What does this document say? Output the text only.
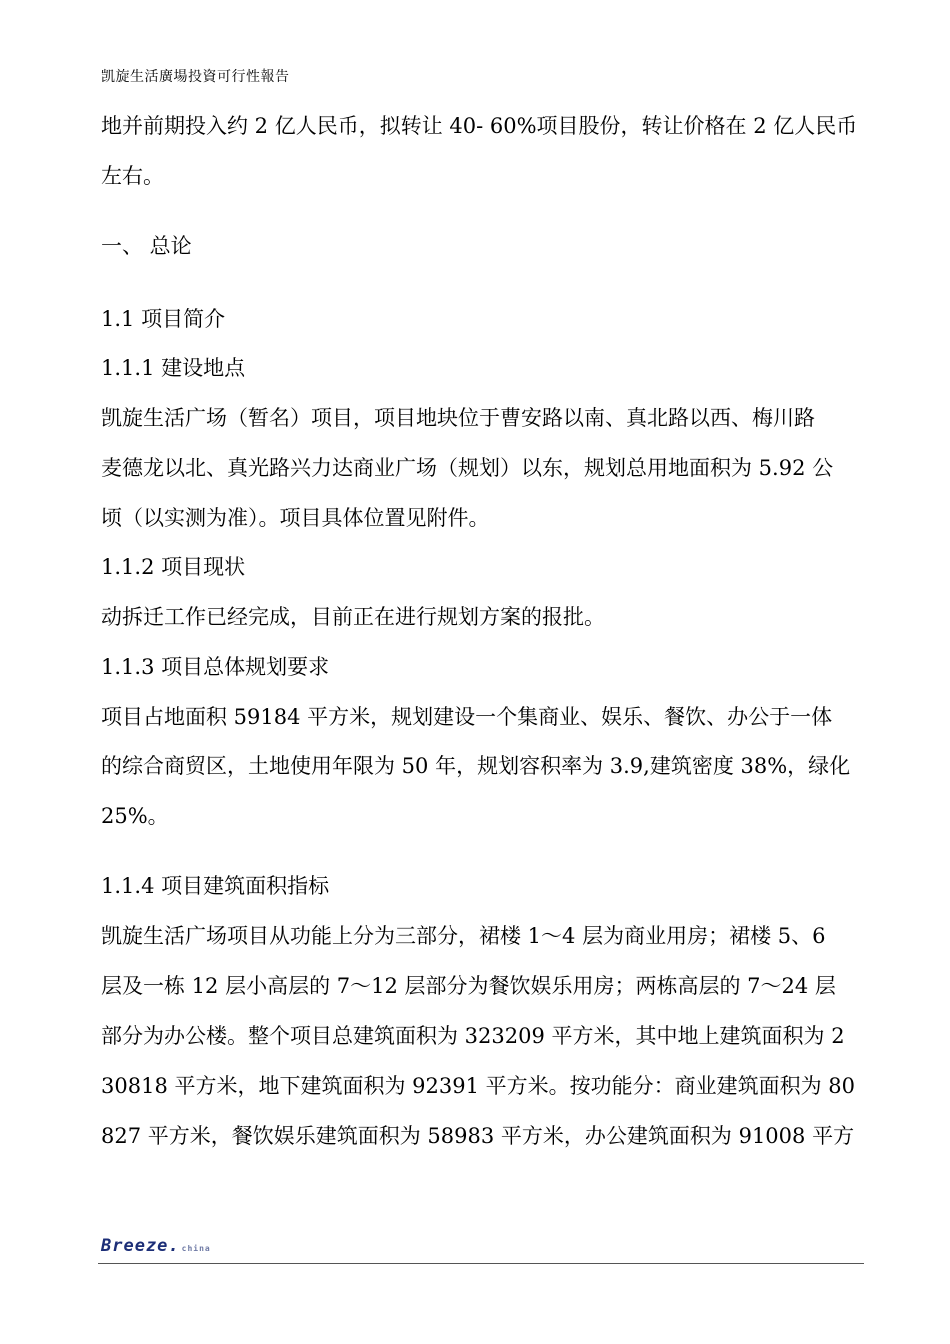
凯旋生活廣場投資可行性報告
地并前期投入约 2 亿人民币，拟转让 40- 60%项目股份，转让价格在 2 亿人民币
左右。
一、 总论
1.1 项目简介
1.1.1 建设地点
凯旋生活广场（暂名）项目，项目地块位于曹安路以南、真北路以西、梅川路
麦德龙以北、真光路兴力达商业广场（规划）以东，规划总用地面积为 5.92 公
顷（以实测为准）。项目具体位置见附件。
1.1.2 项目现状
动拆迁工作已经完成，目前正在进行规划方案的报批。
1.1.3 项目总体规划要求
项目占地面积 59184 平方米，规划建设一个集商业、娱乐、餐饮、办公于一体
的综合商贸区，土地使用年限为 50 年，规划容积率为 3.9,建筑密度 38%，绿化
25%。
1.1.4 项目建筑面积指标
凯旋生活广场项目从功能上分为三部分，裙楼 1～4 层为商业用房；裙楼 5、6
层及一栋 12 层小高层的 7～12 层部分为餐饮娱乐用房；两栋高层的 7～24 层
部分为办公楼。整个项目总建筑面积为 323209 平方米，其中地上建筑面积为 2
30818 平方米，地下建筑面积为 92391 平方米。按功能分：商业建筑面积为 80
827 平方米，餐饮娱乐建筑面积为 58983 平方米，办公建筑面积为 91008 平方
Breeze. china
